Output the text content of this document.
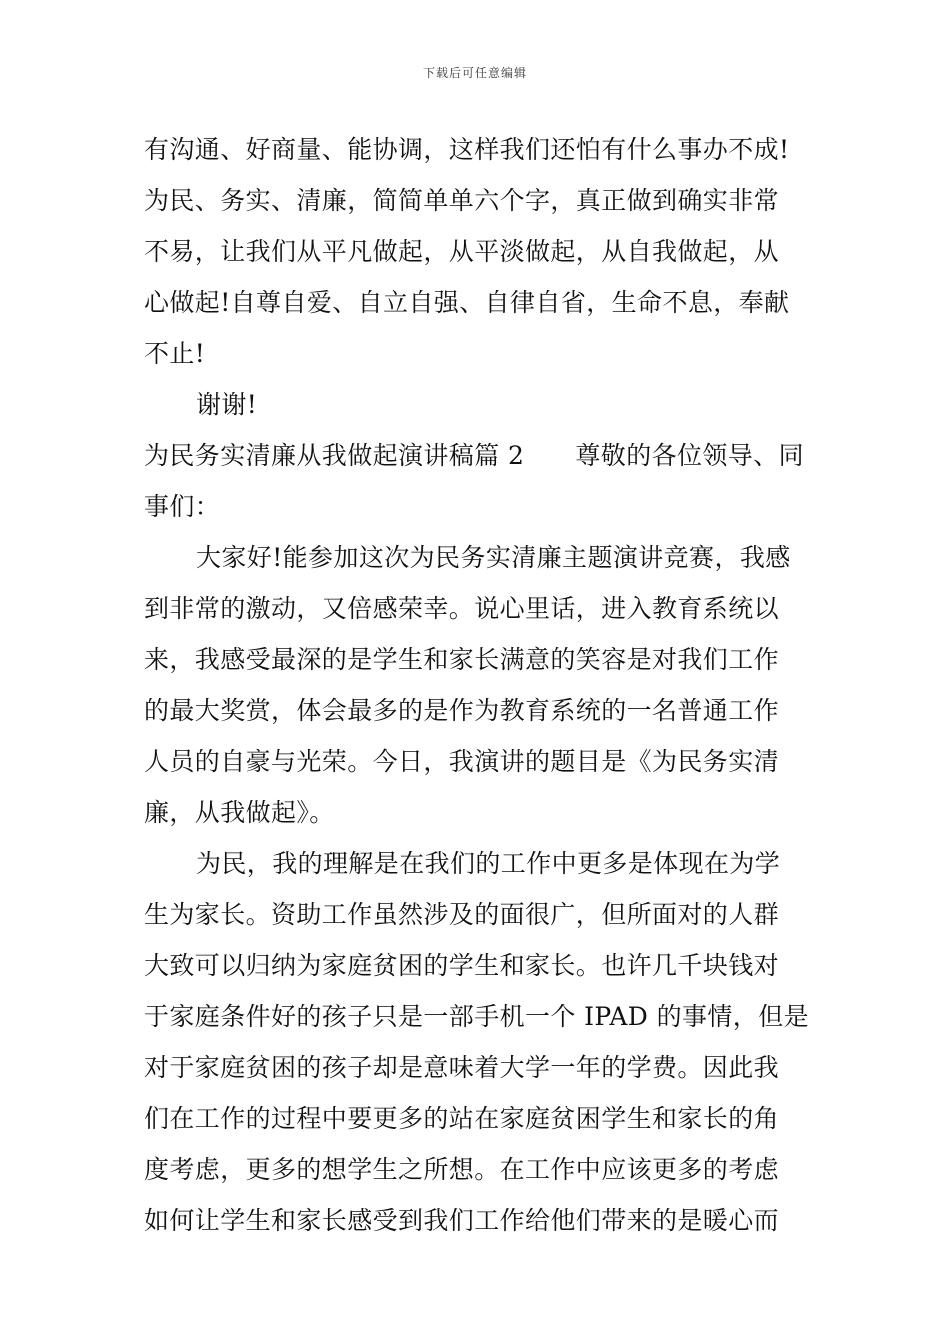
下载后可任意编辑
有沟通、好商量、能协调，这样我们还怕有什么事办不成!
为民、务实、清廉，简简单单六个字，真正做到确实非常
不易，让我们从平凡做起，从平淡做起，从自我做起，从
心做起!自尊自爱、自立自强、自律自省，生命不息，奉献
不止!
谢谢!
为民务实清廉从我做起演讲稿篇 2 尊敬的各位领导、同
事们：
大家好!能参加这次为民务实清廉主题演讲竞赛，我感
到非常的激动，又倍感荣幸。说心里话，进入教育系统以
来，我感受最深的是学生和家长满意的笑容是对我们工作
的最大奖赏，体会最多的是作为教育系统的一名普通工作
人员的自豪与光荣。今日，我演讲的题目是《为民务实清
廉，从我做起》。
为民，我的理解是在我们的工作中更多是体现在为学
生为家长。资助工作虽然涉及的面很广，但所面对的人群
大致可以归纳为家庭贫困的学生和家长。也许几千块钱对
于家庭条件好的孩子只是一部手机一个 IPAD 的事情，但是
对于家庭贫困的孩子却是意味着大学一年的学费。因此我
们在工作的过程中要更多的站在家庭贫困学生和家长的角
度考虑，更多的想学生之所想。在工作中应该更多的考虑
如何让学生和家长感受到我们工作给他们带来的是暖心而
